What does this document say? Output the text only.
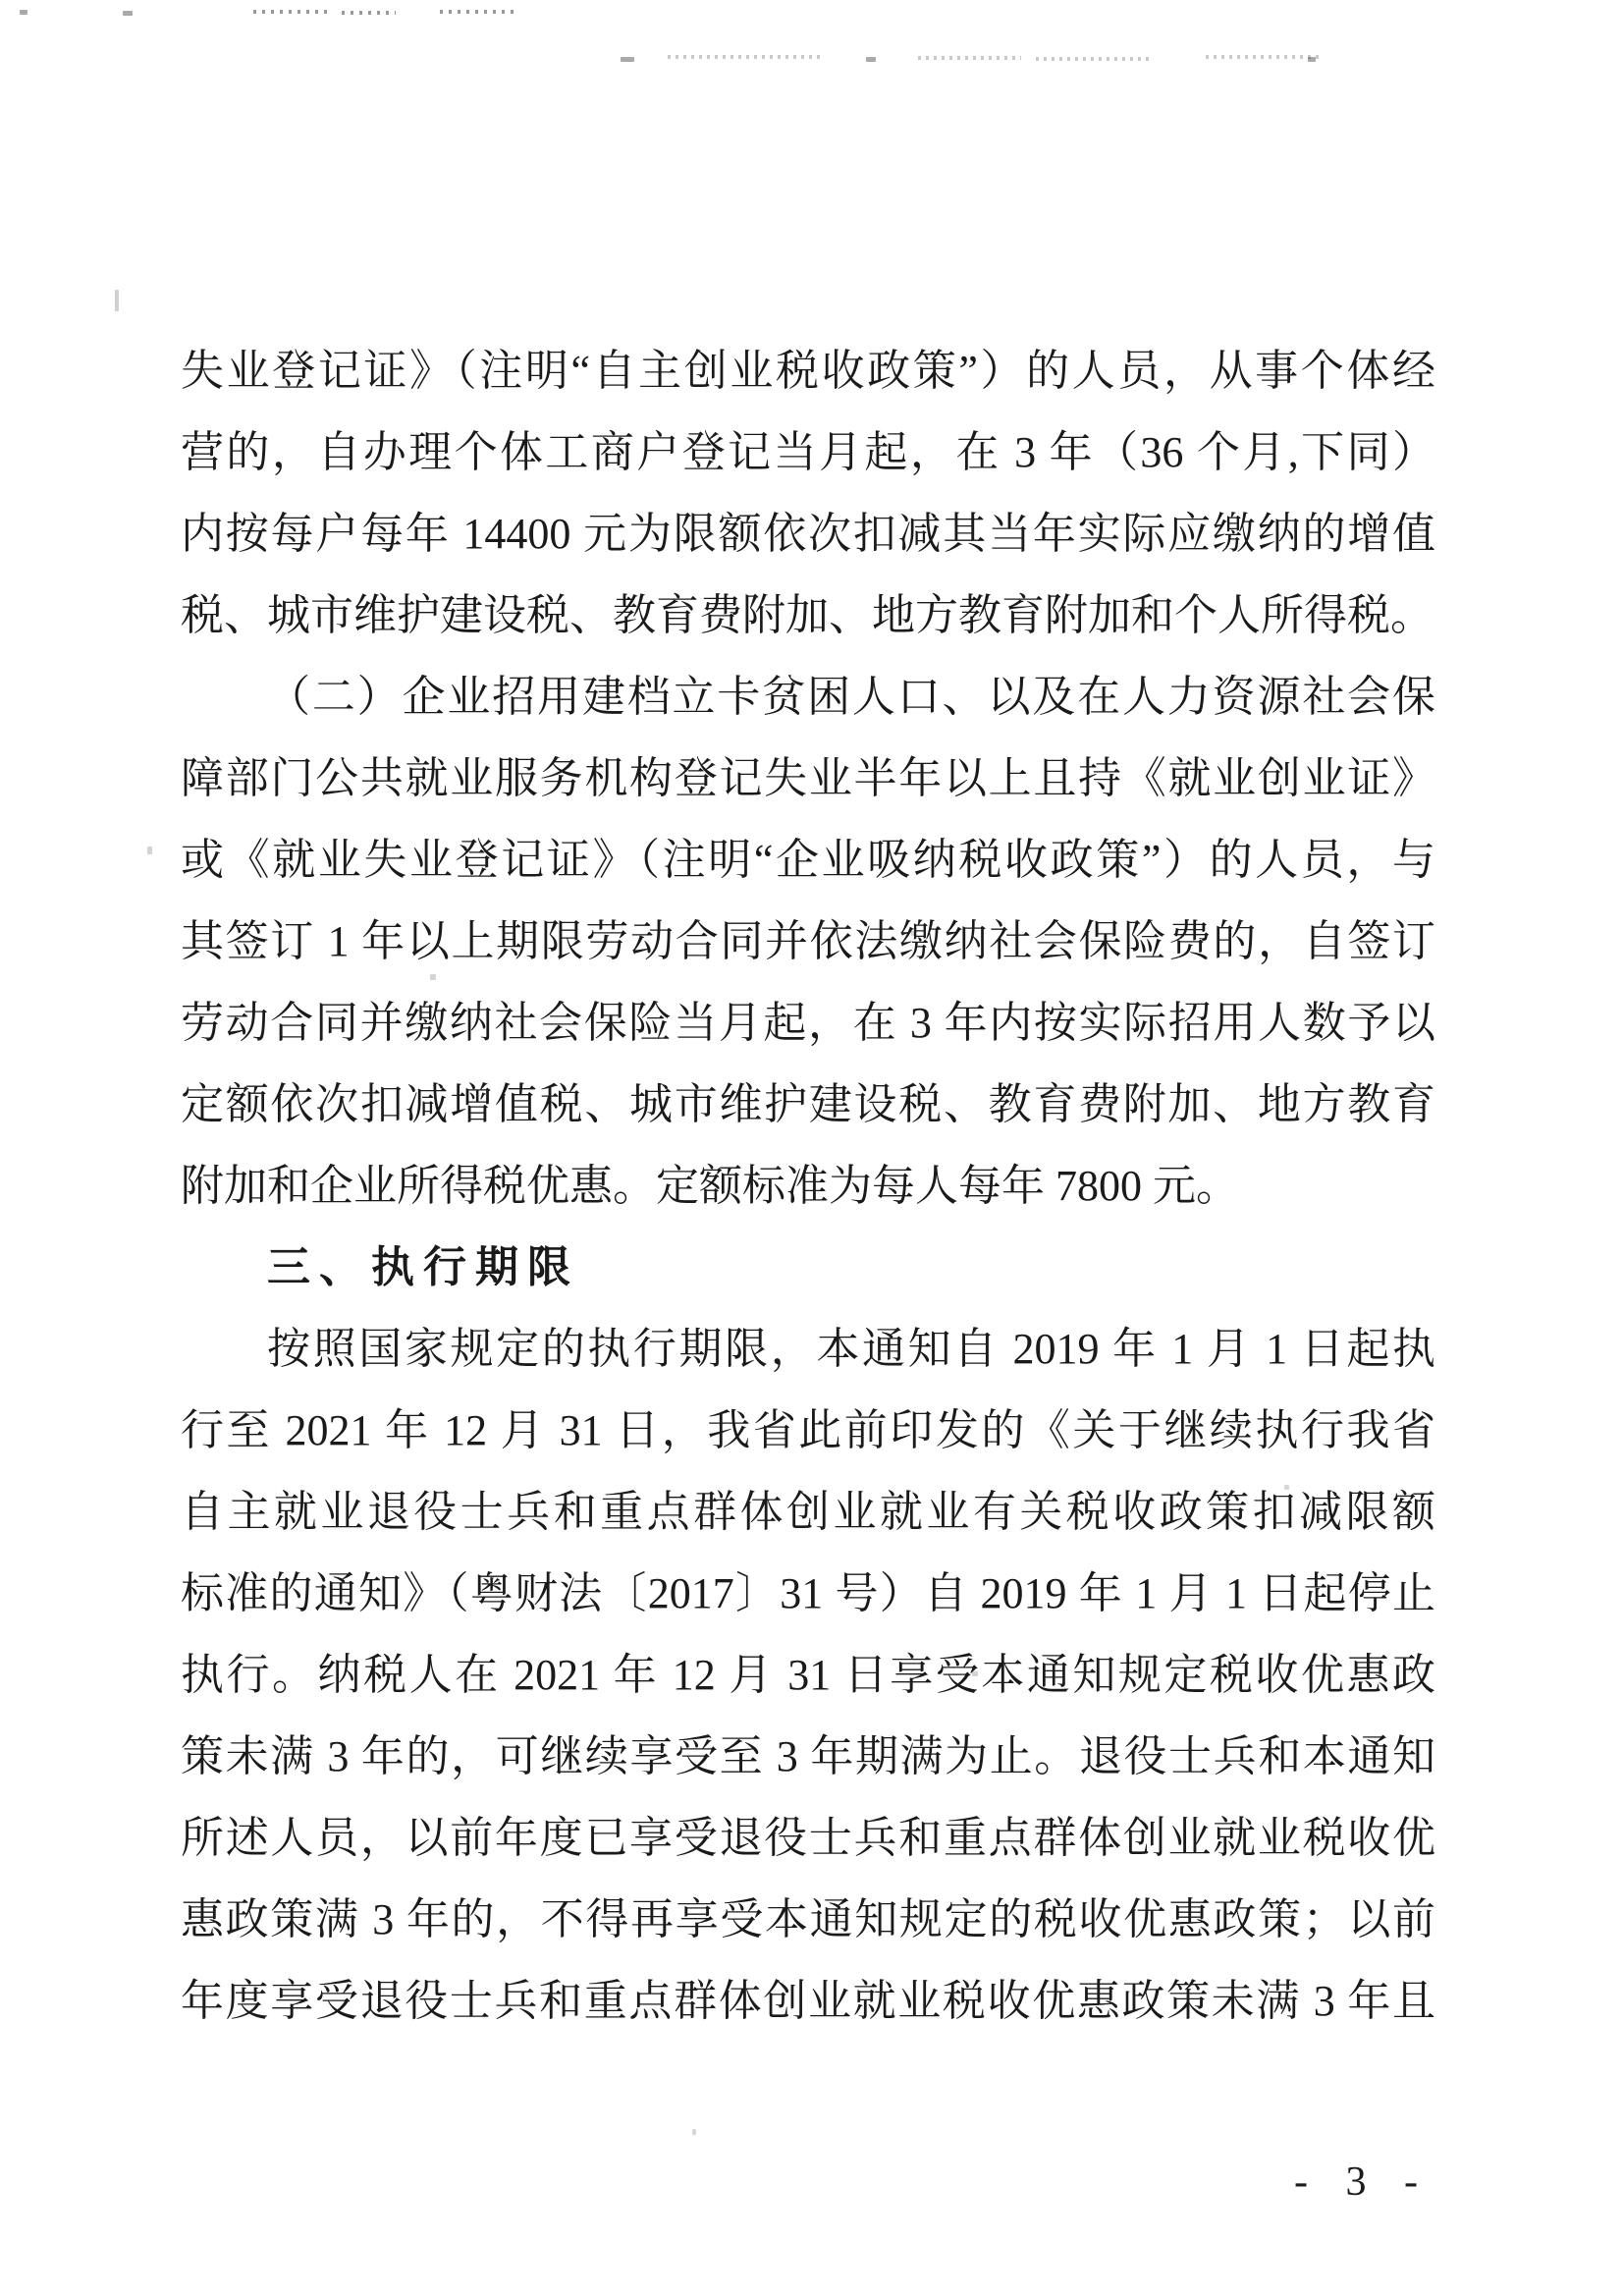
失业登记证》（注明“自主创业税收政策”）的人员，从事个体经
营的，自办理个体工商户登记当月起，在 3 年（36 个月,下同）
内按每户每年 14400 元为限额依次扣减其当年实际应缴纳的增值
税、城市维护建设税、教育费附加、地方教育附加和个人所得税。
（二）企业招用建档立卡贫困人口、以及在人力资源社会保
障部门公共就业服务机构登记失业半年以上且持《就业创业证》
或《就业失业登记证》（注明“企业吸纳税收政策”）的人员，与
其签订 1 年以上期限劳动合同并依法缴纳社会保险费的，自签订
劳动合同并缴纳社会保险当月起，在 3 年内按实际招用人数予以
定额依次扣减增值税、城市维护建设税、教育费附加、地方教育
附加和企业所得税优惠。定额标准为每人每年 7800 元。
三、执行期限
按照国家规定的执行期限，本通知自 2019 年 1 月 1 日起执
行至 2021 年 12 月 31 日，我省此前印发的《关于继续执行我省
自主就业退役士兵和重点群体创业就业有关税收政策扣减限额
标准的通知》（粤财法〔2017〕31 号）自 2019 年 1 月 1 日起停止
执行。纳税人在 2021 年 12 月 31 日享受本通知规定税收优惠政
策未满 3 年的，可继续享受至 3 年期满为止。退役士兵和本通知
所述人员，以前年度已享受退役士兵和重点群体创业就业税收优
惠政策满 3 年的，不得再享受本通知规定的税收优惠政策；以前
年度享受退役士兵和重点群体创业就业税收优惠政策未满 3 年且
- 3 -
